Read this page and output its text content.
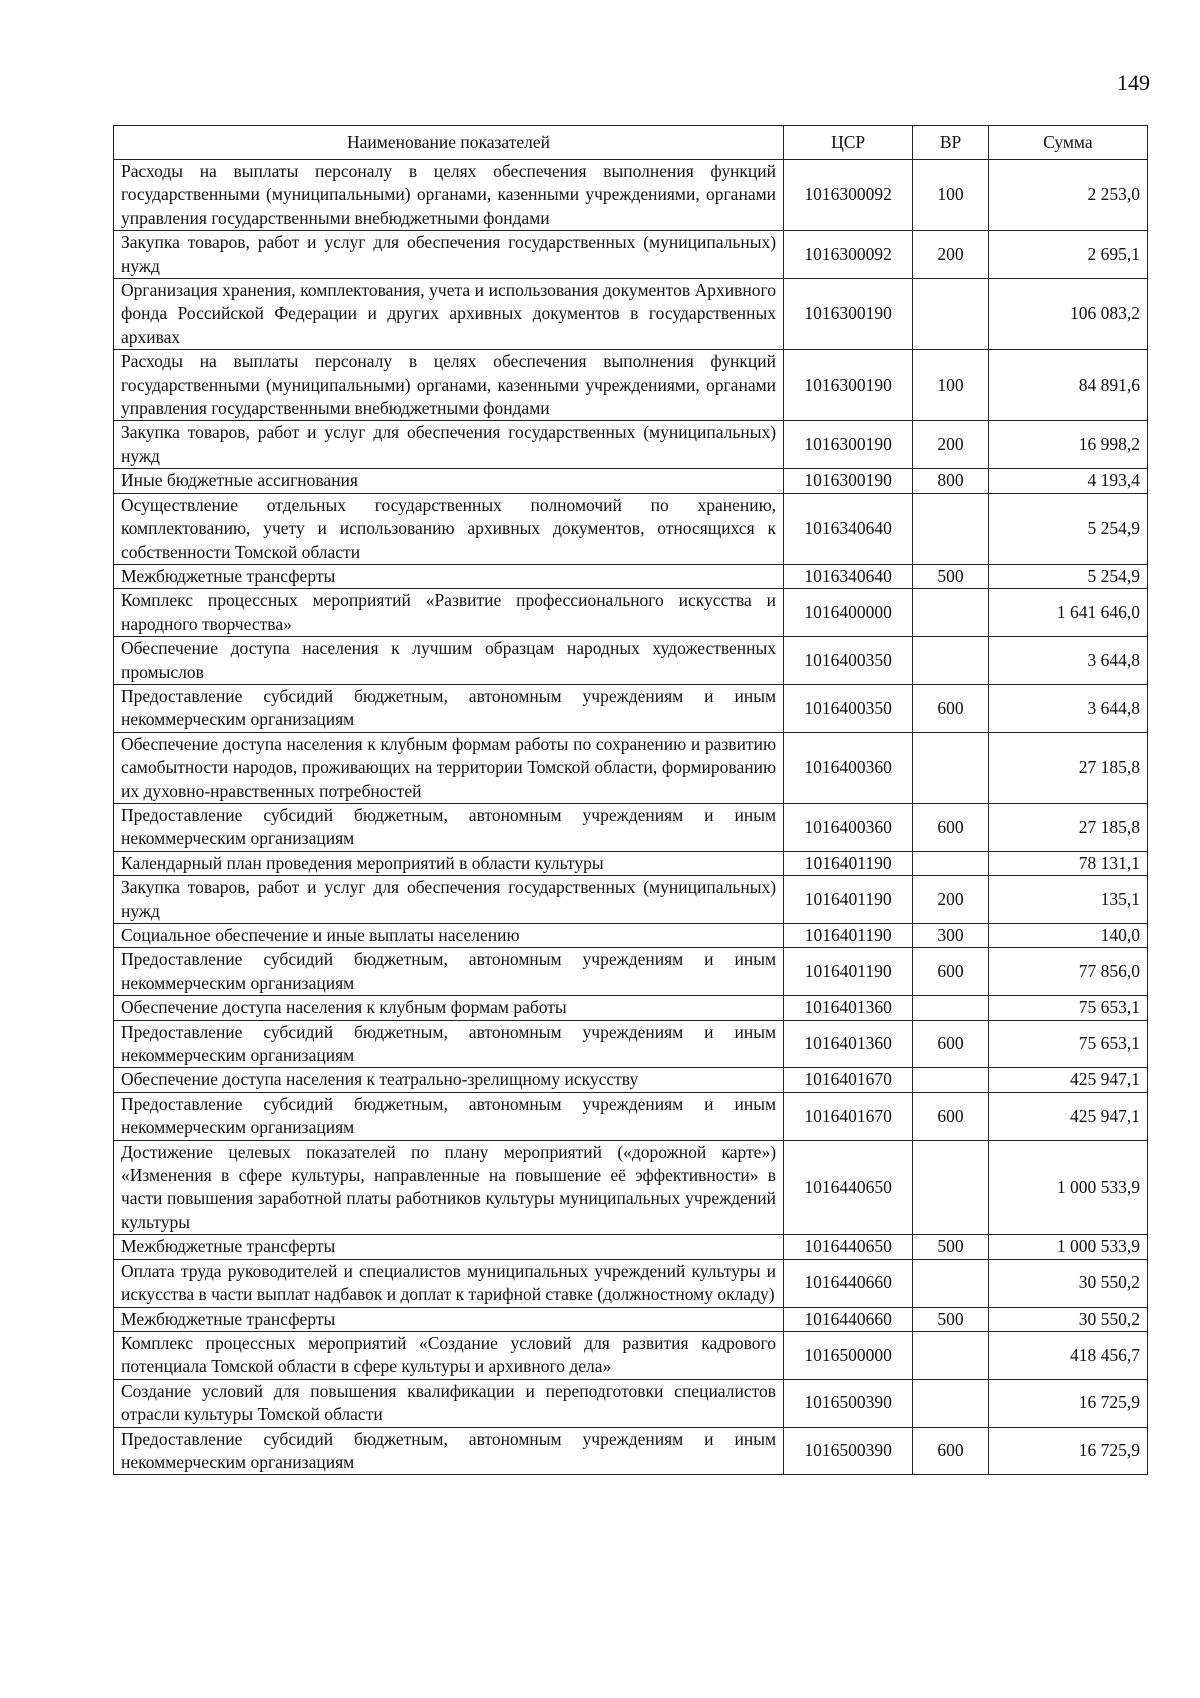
149
Наименование показателей	ЦСР	ВР	Сумма
Расходы на выплаты персоналу в целях обеспечения выполнения функций государственными (муниципальными) органами, казенными учреждениями, органами управления государственными внебюджетными фондами	1016300092	100	2 253,0
Закупка товаров, работ и услуг для обеспечения государственных (муниципальных) нужд	1016300092	200	2 695,1
Организация хранения, комплектования, учета и использования документов Архивного фонда Российской Федерации и других архивных документов в государственных архивах	1016300190		106 083,2
Расходы на выплаты персоналу в целях обеспечения выполнения функций государственными (муниципальными) органами, казенными учреждениями, органами управления государственными внебюджетными фондами	1016300190	100	84 891,6
Закупка товаров, работ и услуг для обеспечения государственных (муниципальных) нужд	1016300190	200	16 998,2
Иные бюджетные ассигнования	1016300190	800	4 193,4
Осуществление отдельных государственных полномочий по хранению, комплектованию, учету и использованию архивных документов, относящихся к собственности Томской области	1016340640		5 254,9
Межбюджетные трансферты	1016340640	500	5 254,9
Комплекс процессных мероприятий «Развитие профессионального искусства и народного творчества»	1016400000		1 641 646,0
Обеспечение доступа населения к лучшим образцам народных художественных промыслов	1016400350		3 644,8
Предоставление субсидий бюджетным, автономным учреждениям и иным некоммерческим организациям	1016400350	600	3 644,8
Обеспечение доступа населения к клубным формам работы по сохранению и развитию самобытности народов, проживающих на территории Томской области, формированию их духовно-нравственных потребностей	1016400360		27 185,8
Предоставление субсидий бюджетным, автономным учреждениям и иным некоммерческим организациям	1016400360	600	27 185,8
Календарный план проведения мероприятий в области культуры	1016401190		78 131,1
Закупка товаров, работ и услуг для обеспечения государственных (муниципальных) нужд	1016401190	200	135,1
Социальное обеспечение и иные выплаты населению	1016401190	300	140,0
Предоставление субсидий бюджетным, автономным учреждениям и иным некоммерческим организациям	1016401190	600	77 856,0
Обеспечение доступа населения к клубным формам работы	1016401360		75 653,1
Предоставление субсидий бюджетным, автономным учреждениям и иным некоммерческим организациям	1016401360	600	75 653,1
Обеспечение доступа населения к театрально-зрелищному искусству	1016401670		425 947,1
Предоставление субсидий бюджетным, автономным учреждениям и иным некоммерческим организациям	1016401670	600	425 947,1
Достижение целевых показателей по плану мероприятий («дорожной карте») «Изменения в сфере культуры, направленные на повышение её эффективности» в части повышения заработной платы работников культуры муниципальных учреждений культуры	1016440650		1 000 533,9
Межбюджетные трансферты	1016440650	500	1 000 533,9
Оплата труда руководителей и специалистов муниципальных учреждений культуры и искусства в части выплат надбавок и доплат к тарифной ставке (должностному окладу)	1016440660		30 550,2
Межбюджетные трансферты	1016440660	500	30 550,2
Комплекс процессных мероприятий «Создание условий для развития кадрового потенциала Томской области в сфере культуры и архивного дела»	1016500000		418 456,7
Создание условий для повышения квалификации и переподготовки специалистов отрасли культуры Томской области	1016500390		16 725,9
Предоставление субсидий бюджетным, автономным учреждениям и иным некоммерческим организациям	1016500390	600	16 725,9
